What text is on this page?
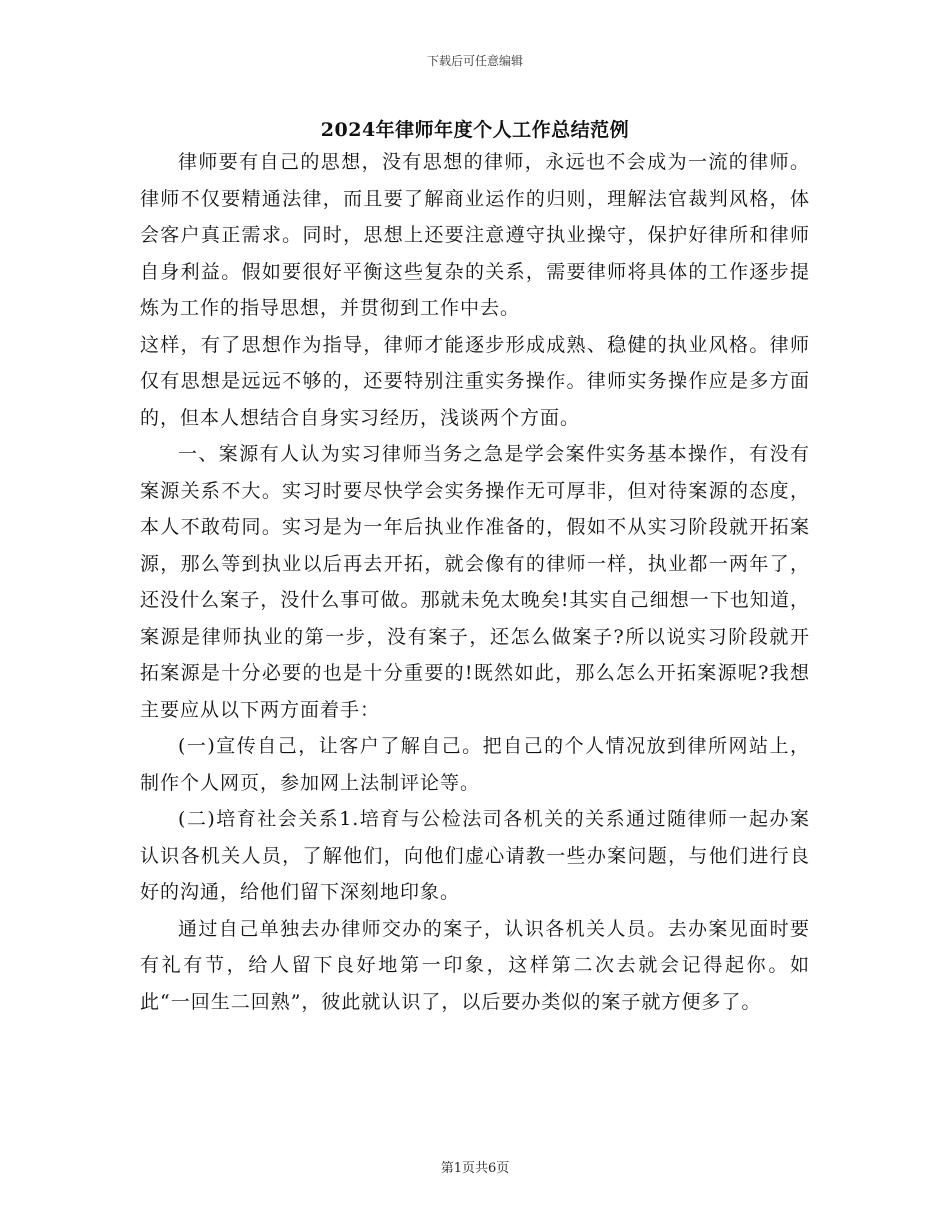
下载后可任意编辑
2024年律师年度个人工作总结范例

律师要有自己的思想，没有思想的律师，永远也不会成为一流的律师。律师不仅要精通法律，而且要了解商业运作的归则，理解法官裁判风格，体会客户真正需求。同时，思想上还要注意遵守执业操守，保护好律所和律师自身利益。假如要很好平衡这些复杂的关系，需要律师将具体的工作逐步提炼为工作的指导思想，并贯彻到工作中去。

这样，有了思想作为指导，律师才能逐步形成成熟、稳健的执业风格。律师仅有思想是远远不够的，还要特别注重实务操作。律师实务操作应是多方面的，但本人想结合自身实习经历，浅谈两个方面。

一、案源有人认为实习律师当务之急是学会案件实务基本操作，有没有案源关系不大。实习时要尽快学会实务操作无可厚非，但对待案源的态度，本人不敢苟同。实习是为一年后执业作准备的，假如不从实习阶段就开拓案源，那么等到执业以后再去开拓，就会像有的律师一样，执业都一两年了，还没什么案子，没什么事可做。那就未免太晚矣!其实自己细想一下也知道，案源是律师执业的第一步，没有案子，还怎么做案子?所以说实习阶段就开拓案源是十分必要的也是十分重要的!既然如此，那么怎么开拓案源呢?我想主要应从以下两方面着手：

(一)宣传自己，让客户了解自己。把自己的个人情况放到律所网站上，制作个人网页，参加网上法制评论等。

(二)培育社会关系1.培育与公检法司各机关的关系通过随律师一起办案认识各机关人员，了解他们，向他们虚心请教一些办案问题，与他们进行良好的沟通，给他们留下深刻地印象。

通过自己单独去办律师交办的案子，认识各机关人员。去办案见面时要有礼有节，给人留下良好地第一印象，这样第二次去就会记得起你。如此“一回生二回熟”，彼此就认识了，以后要办类似的案子就方便多了。

第1页共6页
